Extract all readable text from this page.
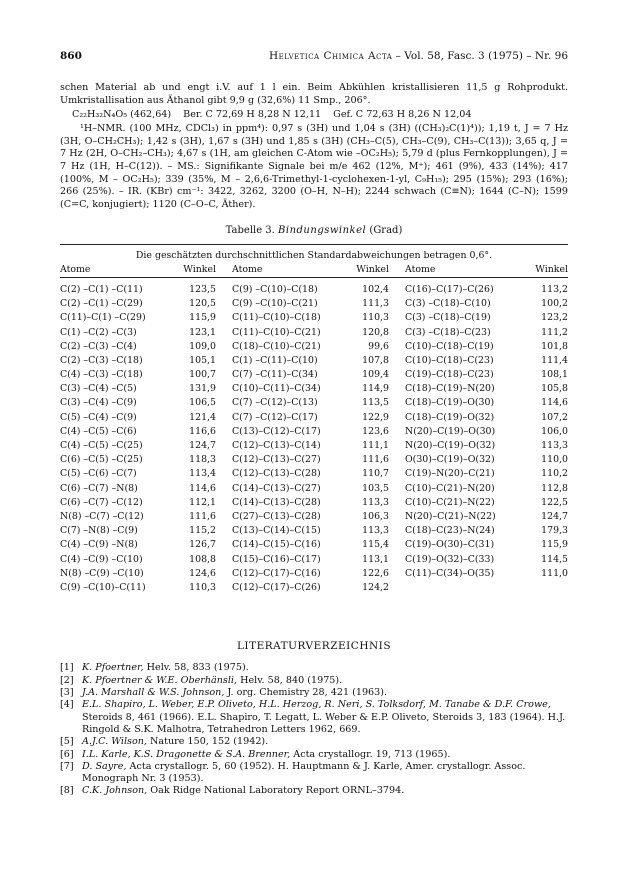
860	Helvetica Chimica Acta – Vol. 58, Fasc. 3 (1975) – Nr. 96

schen Material ab und engt i.V. auf 1 l ein. Beim Abkühlen kristallisieren 11,5 g Rohprodukt. Umkristallisation aus Äthanol gibt 9,9 g (32,6%) 11 Smp., 206°.

C₂₂H₃₂N₄O₅ (462,64) Ber. C 72,69 H 8,28 N 12,11 Gef. C 72,63 H 8,26 N 12,04

¹H–NMR. (100 MHz, CDCl₃) in ppm⁴): 0,97 s (3H) und 1,04 s (3H) ((CH₃)₂C(1)⁴)); 1,19 t, J = 7 Hz (3H, O–CH₂CH₃); 1,42 s (3H), 1,67 s (3H) und 1,85 s (3H) (CH₃–C(5), CH₃–C(9), CH₃–C(13)); 3,65 q, J = 7 Hz (2H, O–CH₂–CH₃); 4,67 s (1H, am gleichen C-Atom wie –OC₂H₅); 5,79 d (plus Fernkopplungen), J = 7 Hz (1H, H–C(12)). – MS.: Signifikante Signale bei m/e 462 (12%, M⁺); 461 (9%), 433 (14%); 417 (100%, M – OC₂H₅); 339 (35%, M – 2,6,6-Trimethyl-1-cyclohexen-1-yl, C₉H₁₅); 295 (15%); 293 (16%); 266 (25%). – IR. (KBr) cm⁻¹: 3422, 3262, 3200 (O–H, N–H); 2244 schwach (C≡N); 1644 (C–N); 1599 (C=C, konjugiert); 1120 (C–O–C, Äther).

Tabelle 3. Bindungswinkel (Grad)
Die geschätzten durchschnittlichen Standardabweichungen betragen 0,6°.					
Atome	Winkel	Atome	Winkel	Atome	Winkel
C(2) –C(1) –C(11)	123,5	C(9) –C(10)–C(18)	102,4	C(16)–C(17)–C(26)	113,2
C(2) –C(1) –C(29)	120,5	C(9) –C(10)–C(21)	111,3	C(3) –C(18)–C(10)	100,2
C(11)–C(1) –C(29)	115,9	C(11)–C(10)–C(18)	110,3	C(3) –C(18)–C(19)	123,2
C(1) –C(2) –C(3)	123,1	C(11)–C(10)–C(21)	120,8	C(3) –C(18)–C(23)	111,2
C(2) –C(3) –C(4)	109,0	C(18)–C(10)–C(21)	99,6	C(10)–C(18)–C(19)	101,8
C(2) –C(3) –C(18)	105,1	C(1) –C(11)–C(10)	107,8	C(10)–C(18)–C(23)	111,4
C(4) –C(3) –C(18)	100,7	C(7) –C(11)–C(34)	109,4	C(19)–C(18)–C(23)	108,1
C(3) –C(4) –C(5)	131,9	C(10)–C(11)–C(34)	114,9	C(18)–C(19)–N(20)	105,8
C(3) –C(4) –C(9)	106,5	C(7) –C(12)–C(13)	113,5	C(18)–C(19)–O(30)	114,6
C(5) –C(4) –C(9)	121,4	C(7) –C(12)–C(17)	122,9	C(18)–C(19)–O(32)	107,2
C(4) –C(5) –C(6)	116,6	C(13)–C(12)–C(17)	123,6	N(20)–C(19)–O(30)	106,0
C(4) –C(5) –C(25)	124,7	C(12)–C(13)–C(14)	111,1	N(20)–C(19)–O(32)	113,3
C(6) –C(5) –C(25)	118,3	C(12)–C(13)–C(27)	111,6	O(30)–C(19)–O(32)	110,0
C(5) –C(6) –C(7)	113,4	C(12)–C(13)–C(28)	110,7	C(19)–N(20)–C(21)	110,2
C(6) –C(7) –N(8)	114,6	C(14)–C(13)–C(27)	103,5	C(10)–C(21)–N(20)	112,8
C(6) –C(7) –C(12)	112,1	C(14)–C(13)–C(28)	113,3	C(10)–C(21)–N(22)	122,5
N(8) –C(7) –C(12)	111,6	C(27)–C(13)–C(28)	106,3	N(20)–C(21)–N(22)	124,7
C(7) –N(8) –C(9)	115,2	C(13)–C(14)–C(15)	113,3	C(18)–C(23)–N(24)	179,3
C(4) –C(9) –N(8)	126,7	C(14)–C(15)–C(16)	115,4	C(19)–O(30)–C(31)	115,9
C(4) –C(9) –C(10)	108,8	C(15)–C(16)–C(17)	113,1	C(19)–O(32)–C(33)	114,5
N(8) –C(9) –C(10)	124,6	C(12)–C(17)–C(16)	122,6	C(11)–C(34)–O(35)	111,0
C(9) –C(10)–C(11)	110,3	C(12)–C(17)–C(26)	124,2		
LITERATURVERZEICHNIS
[1] K. Pfoertner, Helv. 58, 833 (1975).
[2] K. Pfoertner & W.E. Oberhänsli, Helv. 58, 840 (1975).
[3] J.A. Marshall & W.S. Johnson, J. org. Chemistry 28, 421 (1963).
[4] E.L. Shapiro, L. Weber, E.P. Oliveto, H.L. Herzog, R. Neri, S. Tolksdorf, M. Tanabe & D.F. Crowe, Steroids 8, 461 (1966). E.L. Shapiro, T. Legatt, L. Weber & E.P. Oliveto, Steroids 3, 183 (1964). H.J. Ringold & S.K. Malhotra, Tetrahedron Letters 1962, 669.
[5] A.J.C. Wilson, Nature 150, 152 (1942).
[6] I.L. Karle, K.S. Dragonette & S.A. Brenner, Acta crystallogr. 19, 713 (1965).
[7] D. Sayre, Acta crystallogr. 5, 60 (1952). H. Hauptmann & J. Karle, Amer. crystallogr. Assoc. Monograph Nr. 3 (1953).
[8] C.K. Johnson, Oak Ridge National Laboratory Report ORNL–3794.
